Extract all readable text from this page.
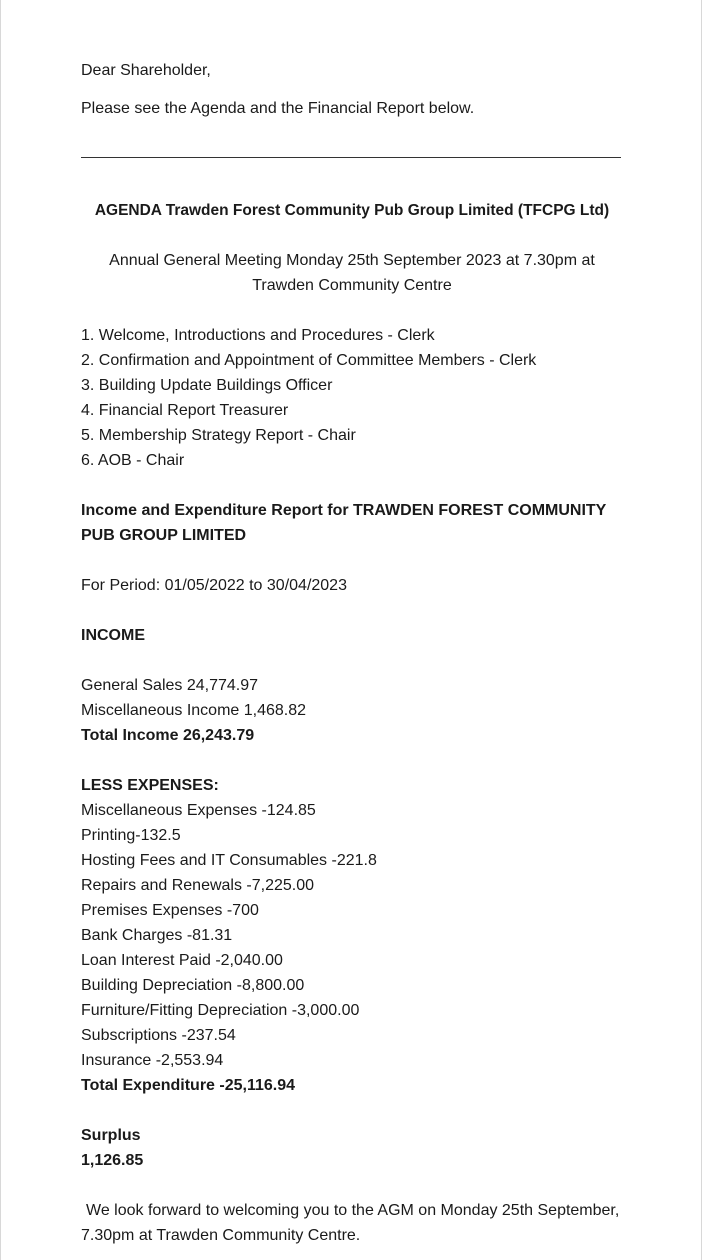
Dear Shareholder,

Please see the Agenda and the Financial Report below.

AGENDA Trawden Forest Community Pub Group Limited (TFCPG Ltd)

Annual General Meeting Monday 25th September 2023 at 7.30pm at Trawden Community Centre

1. Welcome, Introductions and Procedures - Clerk

2. Confirmation and Appointment of Committee Members - Clerk

3. Building Update Buildings Officer

4. Financial Report Treasurer

5. Membership Strategy Report - Chair

6. AOB - Chair

Income and Expenditure Report for TRAWDEN FOREST COMMUNITY PUB GROUP LIMITED

For Period: 01/05/2022 to 30/04/2023

INCOME

General Sales 24,774.97

Miscellaneous Income 1,468.82

Total Income 26,243.79

LESS EXPENSES:

Miscellaneous Expenses -124.85

Printing-132.5

Hosting Fees and IT Consumables -221.8

Repairs and Renewals -7,225.00

Premises Expenses -700

Bank Charges -81.31

Loan Interest Paid -2,040.00

Building Depreciation -8,800.00

Furniture/Fitting Depreciation -3,000.00

Subscriptions -237.54

Insurance -2,553.94

Total Expenditure -25,116.94

Surplus

1,126.85

We look forward to welcoming you to the AGM on Monday 25th September,

7.30pm at Trawden Community Centre.
